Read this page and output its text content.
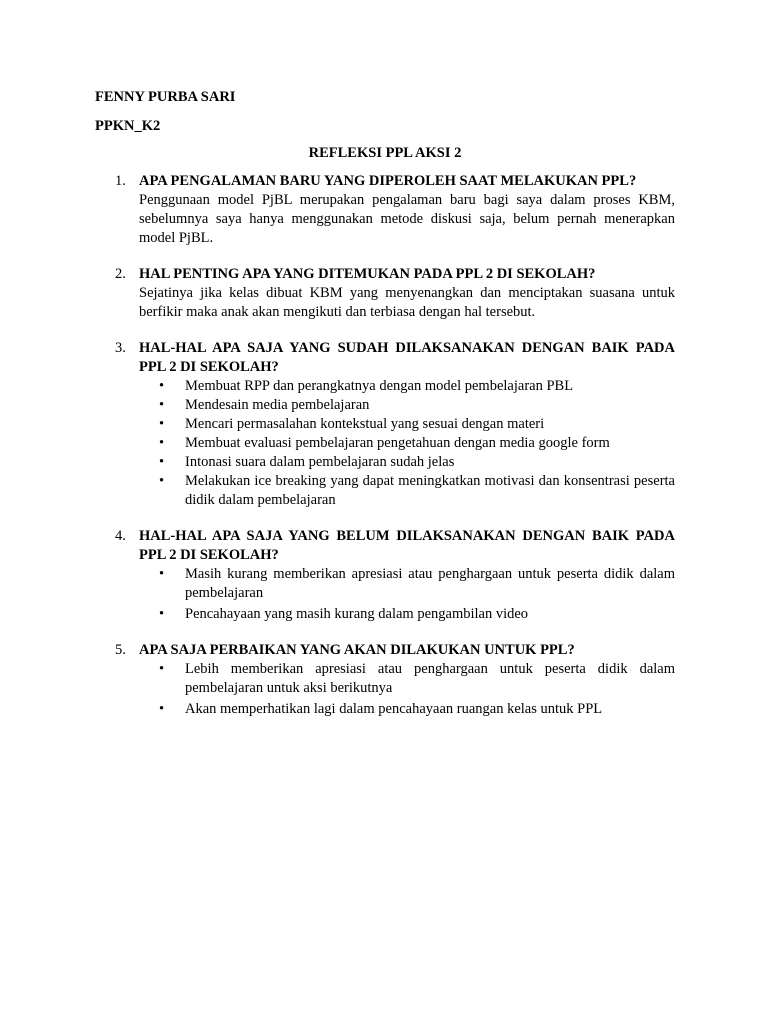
FENNY PURBA SARI
PPKN_K2
REFLEKSI PPL AKSI 2
1. APA PENGALAMAN BARU YANG DIPEROLEH SAAT MELAKUKAN PPL?
Penggunaan model PjBL merupakan pengalaman baru bagi saya dalam proses KBM, sebelumnya saya hanya menggunakan metode diskusi saja, belum pernah menerapkan model PjBL.
2. HAL PENTING APA YANG DITEMUKAN PADA PPL 2 DI SEKOLAH?
Sejatinya jika kelas dibuat KBM yang menyenangkan dan menciptakan suasana untuk berfikir maka anak akan mengikuti dan terbiasa dengan hal tersebut.
3. HAL-HAL APA SAJA YANG SUDAH DILAKSANAKAN DENGAN BAIK PADA PPL 2 DI SEKOLAH?
• Membuat RPP dan perangkatnya dengan model pembelajaran PBL
• Mendesain media pembelajaran
• Mencari permasalahan kontekstual yang sesuai dengan materi
• Membuat evaluasi pembelajaran pengetahuan dengan media google form
• Intonasi suara dalam pembelajaran sudah jelas
• Melakukan ice breaking yang dapat meningkatkan motivasi dan konsentrasi peserta didik dalam pembelajaran
4. HAL-HAL APA SAJA YANG BELUM DILAKSANAKAN DENGAN BAIK PADA PPL 2 DI SEKOLAH?
• Masih kurang memberikan apresiasi atau penghargaan untuk peserta didik dalam pembelajaran
• Pencahayaan yang masih kurang dalam pengambilan video
5. APA SAJA PERBAIKAN YANG AKAN DILAKUKAN UNTUK PPL?
• Lebih memberikan apresiasi atau penghargaan untuk peserta didik dalam pembelajaran untuk aksi berikutnya
• Akan memperhatikan lagi dalam pencahayaan ruangan kelas untuk PPL
